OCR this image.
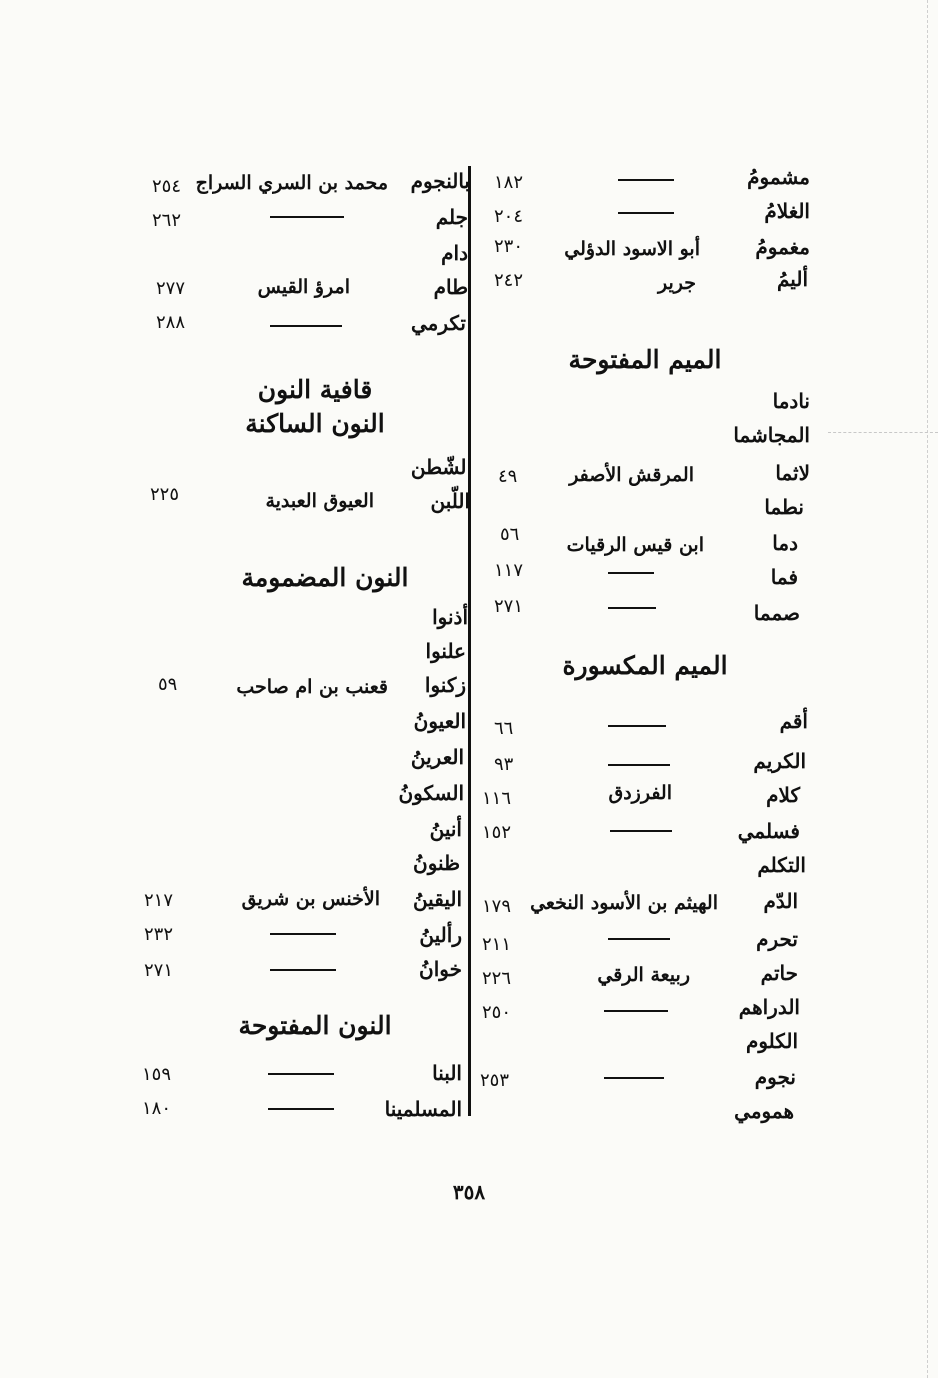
مشمومُ
١٨٢
الغلامُ
٢٠٤
مغمومُ
أبو الاسود الدؤلي
٢٣٠
أليمُ
جرير
٢٤٢
الميم المفتوحة
نادما
المجاشما
لاثما
المرقش الأصفر
٤٩
نطما
دما
ابن قيس الرقيات
٥٦
فما
١١٧
صمما
٢٧١
الميم المكسورة
أقم
٦٦
الكريم
٩٣
كلام
الفرزدق
١١٦
فسلمي
١٥٢
التكلم
الدّم
الهيثم بن الأسود النخعي
١٧٩
تحرم
٢١١
حاتم
ربيعة الرقي
٢٢٦
الدراهم
٢٥٠
الكلوم
نجوم
٢٥٣
همومي
بالنجوم
محمد بن السري السراج
٢٥٤
جلم
٢٦٢
دام
طام
امرؤ القيس
٢٧٧
تكرمي
٢٨٨
قافية النون
النون الساكنة
الشّطن
اللّبن
العيوق العبدية
٢٢٥
النون المضمومة
أذنوا
علنوا
زكنوا
قعنب بن ام صاحب
٥٩
العيونُ
العرينُ
السكونُ
أنينُ
ظنونُ
اليقينُ
الأخنس بن شريق
٢١٧
رألينُ
٢٣٢
خوانُ
٢٧١
النون المفتوحة
البنا
١٥٩
المسلمينا
١٨٠
٣٥٨
